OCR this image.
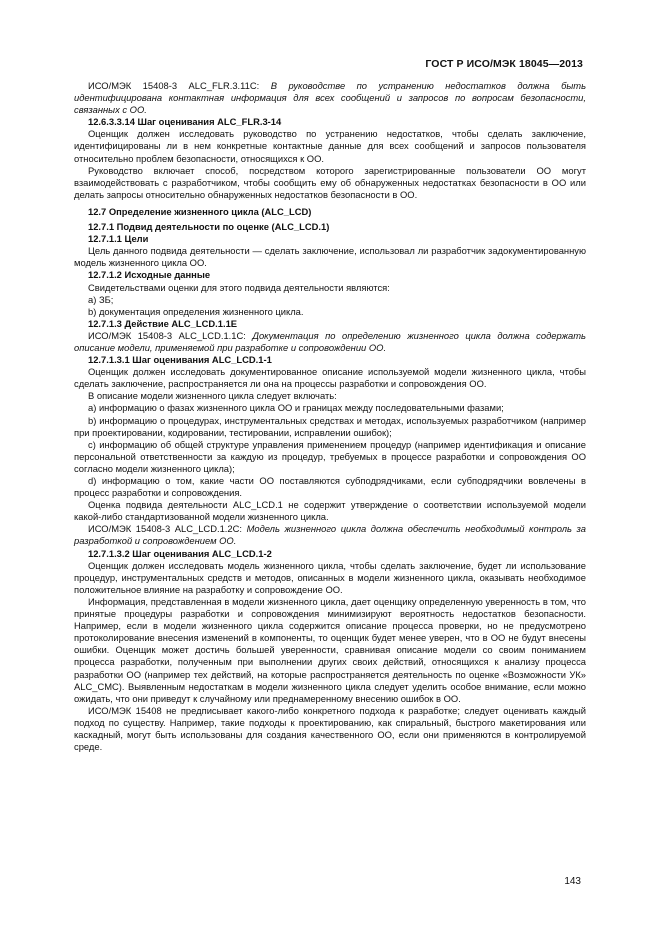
ГОСТ Р ИСО/МЭК 18045—2013

ИСО/МЭК 15408-3 ALC_FLR.3.11С: В руководстве по устранению недостатков должна быть идентифицирована контактная информация для всех сообщений и запросов по вопросам безопасности, связанных с ОО.

12.6.3.3.14 Шаг оценивания ALC_FLR.3-14

Оценщик должен исследовать руководство по устранению недостатков, чтобы сделать заключение, идентифицированы ли в нем конкретные контактные данные для всех сообщений и запросов пользователя относительно проблем безопасности, относящихся к ОО.

Руководство включает способ, посредством которого зарегистрированные пользователи ОО могут взаимодействовать с разработчиком, чтобы сообщить ему об обнаруженных недостатках безопасности в ОО или делать запросы относительно обнаруженных недостатков безопасности в ОО.

12.7 Определение жизненного цикла (ALC_LCD)

12.7.1 Подвид деятельности по оценке (ALC_LCD.1)

12.7.1.1 Цели

Цель данного подвида деятельности — сделать заключение, использовал ли разработчик задокументированную модель жизненного цикла ОО.

12.7.1.2 Исходные данные

Свидетельствами оценки для этого подвида деятельности являются:

a) ЗБ;

b) документация определения жизненного цикла.

12.7.1.3 Действие ALC_LCD.1.1Е

ИСО/МЭК 15408-3 ALC_LCD.1.1С: Документация по определению жизненного цикла должна содержать описание модели, применяемой при разработке и сопровождении ОО.

12.7.1.3.1 Шаг оценивания ALC_LCD.1-1

Оценщик должен исследовать документированное описание используемой модели жизненного цикла, чтобы сделать заключение, распространяется ли она на процессы разработки и сопровождения ОО.

В описание модели жизненного цикла следует включать:

a) информацию о фазах жизненного цикла ОО и границах между последовательными фазами;

b) информацию о процедурах, инструментальных средствах и методах, используемых разработчиком (например при проектировании, кодировании, тестировании, исправлении ошибок);

c) информацию об общей структуре управления применением процедур (например идентификация и описание персональной ответственности за каждую из процедур, требуемых в процессе разработки и сопровождения ОО согласно модели жизненного цикла);

d) информацию о том, какие части ОО поставляются субподрядчиками, если субподрядчики вовлечены в процесс разработки и сопровождения.

Оценка подвида деятельности ALC_LCD.1 не содержит утверждение о соответствии используемой модели какой-либо стандартизованной модели жизненного цикла.

ИСО/МЭК 15408-3 ALC_LCD.1.2С: Модель жизненного цикла должна обеспечить необходимый контроль за разработкой и сопровождением ОО.

12.7.1.3.2 Шаг оценивания ALC_LCD.1-2

Оценщик должен исследовать модель жизненного цикла, чтобы сделать заключение, будет ли использование процедур, инструментальных средств и методов, описанных в модели жизненного цикла, оказывать необходимое положительное влияние на разработку и сопровождение ОО.

Информация, представленная в модели жизненного цикла, дает оценщику определенную уверенность в том, что принятые процедуры разработки и сопровождения минимизируют вероятность недостатков безопасности. Например, если в модели жизненного цикла содержится описание процесса проверки, но не предусмотрено протоколирование внесения изменений в компоненты, то оценщик будет менее уверен, что в ОО не будут внесены ошибки. Оценщик может достичь большей уверенности, сравнивая описание модели со своим пониманием процесса разработки, полученным при выполнении других своих действий, относящихся к анализу процесса разработки ОО (например тех действий, на которые распространяется деятельность по оценке «Возможности УК» ALC_CMC). Выявленным недостаткам в модели жизненного цикла следует уделить особое внимание, если можно ожидать, что они приведут к случайному или преднамеренному внесению ошибок в ОО.

ИСО/МЭК 15408 не предписывает какого-либо конкретного подхода к разработке; следует оценивать каждый подход по существу. Например, такие подходы к проектированию, как спиральный, быстрого макетирования или каскадный, могут быть использованы для создания качественного ОО, если они применяются в контролируемой среде.

143
